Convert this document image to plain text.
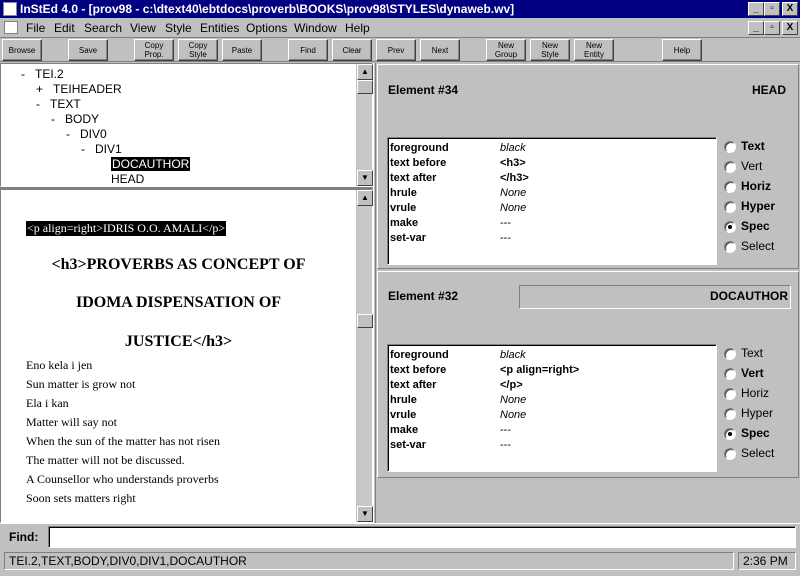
InStEd 4.0 - [prov98 - c:\dtext40\ebtdocs\proverb\BOOKS\prov98\STYLES\dynaweb.wv]	_	▫	X
File Edit Search View Style Entities Options Window Help	_	▫	X
Browse	Save	Copy
Prop.
Copy
Style	Paste	Find	Clear	Prev	Next	New
Group
New
Style
New
Entity	Help
- TEI.2
+ TEIHEADER
- TEXT
- BODY
- DIV0
- DIV1
DOCAUTHOR
HEAD
▲
▼
<p align=right>IDRIS O.O. AMALI</p>
<h3>PROVERBS AS CONCEPT OF
IDOMA DISPENSATION OF
JUSTICE</h3>
Eno kela i jen
Sun matter is grow not
Ela i kan
Matter will say not
When the sun of the matter has not risen
The matter will not be discussed.
A Counsellor who understands proverbs
Soon sets matters right
▲
▼
Element #34	HEAD
foreground	black
text before	<h3>
text after	</h3>
hrule	None
vrule	None
make	---
set-var	---
Text
Vert
Horiz
Hyper
Spec
Select
Element #32	DOCAUTHOR
foreground	black
text before	<p align=right>
text after	</p>
hrule	None
vrule	None
make	---
set-var	---
Text
Vert
Horiz
Hyper
Spec
Select
Find:
TEI.2,TEXT,BODY,DIV0,DIV1,DOCAUTHOR	2:36 PM
